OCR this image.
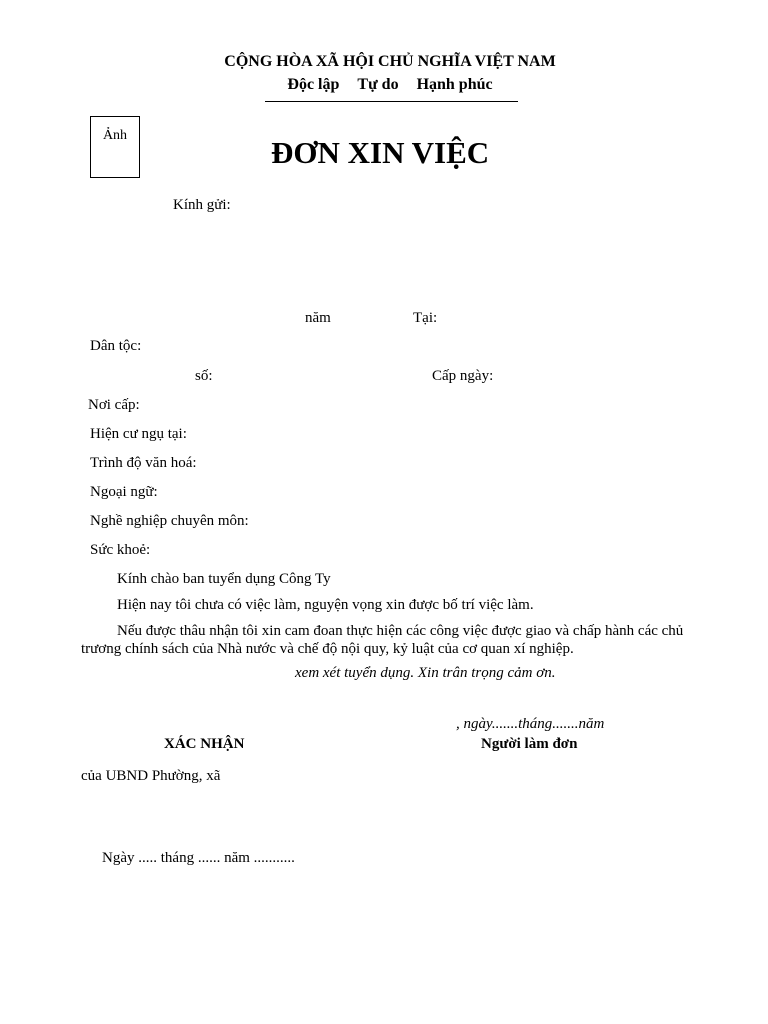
CỘNG HÒA XÃ HỘI CHỦ NGHĨA VIỆT NAM
Độc lập Tự do Hạnh phúc
Ảnh	ĐƠN XIN VIỆC
Kính gửi:
năm	Tại:
Dân tộc:
số:	Cấp ngày:
Nơi cấp:
Hiện cư ngụ tại:
Trình độ văn hoá:
Ngoại ngữ:
Nghề nghiệp chuyên môn:
Sức khoẻ:
Kính chào ban tuyển dụng Công Ty
Hiện nay tôi chưa có việc làm, nguyện vọng xin được bố trí việc làm.
Nếu được thâu nhận tôi xin cam đoan thực hiện các công việc được giao và chấp hành các chủ trương chính sách của Nhà nước và chế độ nội quy, kỷ luật của cơ quan xí nghiệp.
xem xét tuyển dụng. Xin trân trọng cảm ơn.
, ngày.......tháng.......năm
XÁC NHẬN	Người làm đơn
của UBND Phường, xã
Ngày ..... tháng ...... năm ...........
